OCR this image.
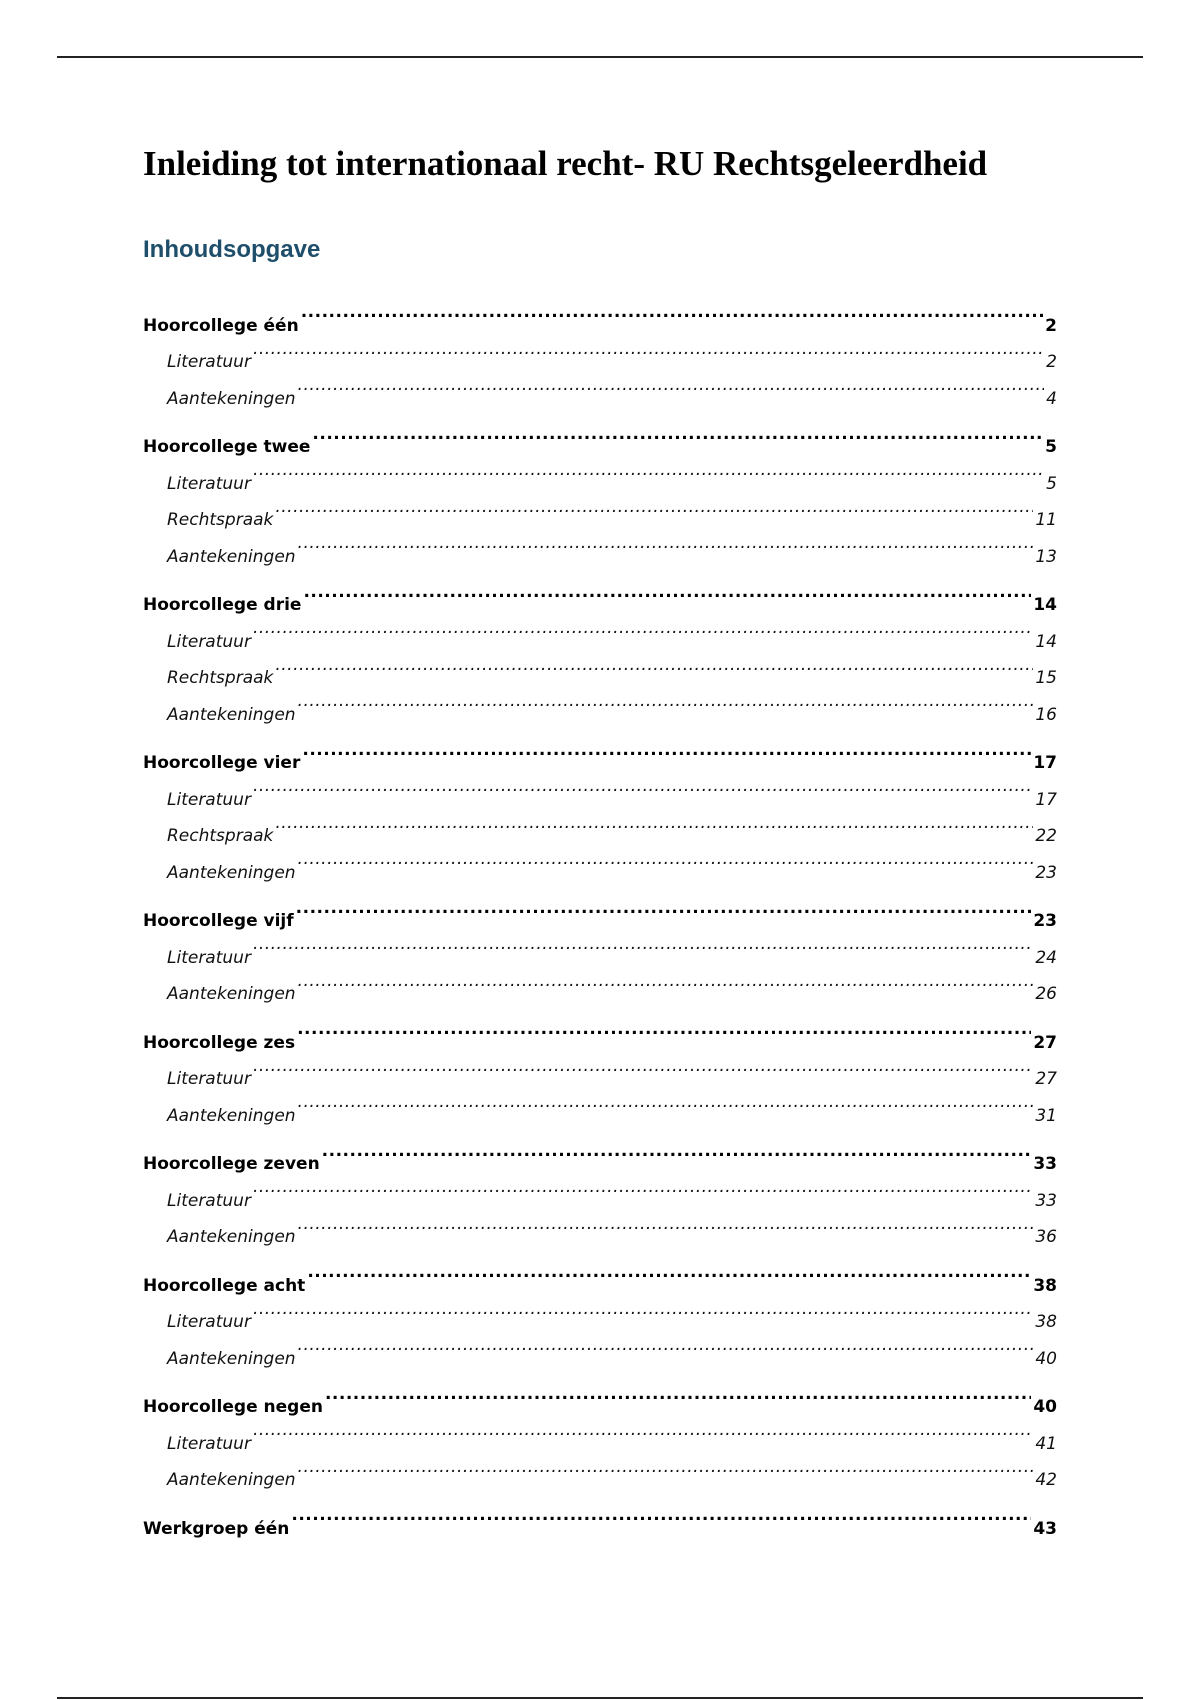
Inleiding tot internationaal recht- RU Rechtsgeleerdheid
Inhoudsopgave
Hoorcollege één .....	2
Literatuur .....	2
Aantekeningen .....	4
Hoorcollege twee .....	5
Literatuur .....	5
Rechtspraak .....	11
Aantekeningen .....	13
Hoorcollege drie .....	14
Literatuur .....	14
Rechtspraak .....	15
Aantekeningen .....	16
Hoorcollege vier .....	17
Literatuur .....	17
Rechtspraak .....	22
Aantekeningen .....	23
Hoorcollege vijf .....	23
Literatuur .....	24
Aantekeningen .....	26
Hoorcollege zes .....	27
Literatuur .....	27
Aantekeningen .....	31
Hoorcollege zeven .....	33
Literatuur .....	33
Aantekeningen .....	36
Hoorcollege acht .....	38
Literatuur .....	38
Aantekeningen .....	40
Hoorcollege negen .....	40
Literatuur .....	41
Aantekeningen .....	42
Werkgroep één .....	43
